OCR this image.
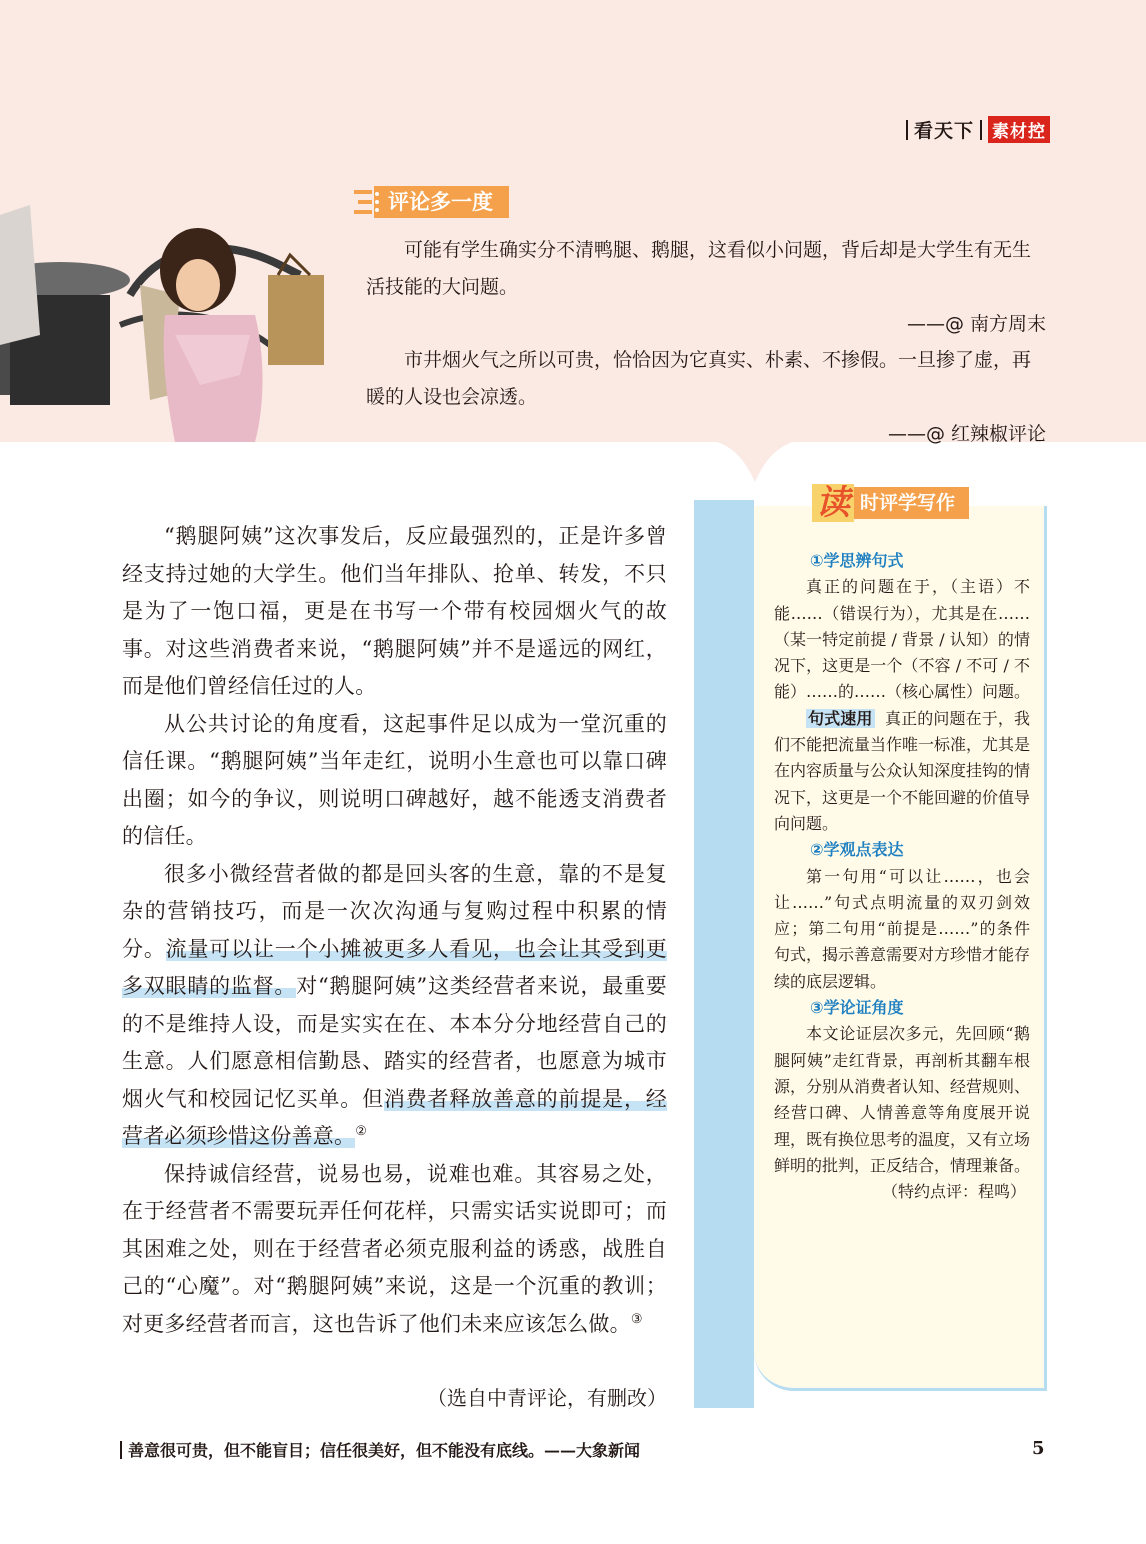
看天下 素材控
评论多一度

可能有学生确实分不清鸭腿、鹅腿，这看似小问题，背后却是大学生有无生活技能的大问题。

——@ 南方周末

市井烟火气之所以可贵，恰恰因为它真实、朴素、不掺假。一旦掺了虚，再暖的人设也会凉透。

——@ 红辣椒评论

“鹅腿阿姨”这次事发后，反应最强烈的，正是许多曾经支持过她的大学生。他们当年排队、抢单、转发，不只是为了一饱口福，更是在书写一个带有校园烟火气的故事。对这些消费者来说，“鹅腿阿姨”并不是遥远的网红，而是他们曾经信任过的人。

从公共讨论的角度看，这起事件足以成为一堂沉重的信任课。“鹅腿阿姨”当年走红，说明小生意也可以靠口碑出圈；如今的争议，则说明口碑越好，越不能透支消费者的信任。

很多小微经营者做的都是回头客的生意，靠的不是复杂的营销技巧，而是一次次沟通与复购过程中积累的情分。流量可以让一个小摊被更多人看见，也会让其受到更多双眼睛的监督。对“鹅腿阿姨”这类经营者来说，最重要的不是维持人设，而是实实在在、本本分分地经营自己的生意。人们愿意相信勤恳、踏实的经营者，也愿意为城市烟火气和校园记忆买单。但消费者释放善意的前提是，经营者必须珍惜这份善意。②

保持诚信经营，说易也易，说难也难。其容易之处，在于经营者不需要玩弄任何花样，只需实话实说即可；而其困难之处，则在于经营者必须克服利益的诱惑，战胜自己的“心魔”。对“鹅腿阿姨”来说，这是一个沉重的教训；对更多经营者而言，这也告诉了他们未来应该怎么做。③

（选自中青评论，有删改）
读 时评学写作
①学思辨句式

真正的问题在于，（主语）不能……（错误行为），尤其是在……（某一特定前提 / 背景 / 认知）的情况下，这更是一个（不容 / 不可 / 不能）……的……（核心属性）问题。

句式速用 真正的问题在于，我们不能把流量当作唯一标准，尤其是在内容质量与公众认知深度挂钩的情况下，这更是一个不能回避的价值导向问题。

②学观点表达

第一句用“可以让……，也会让……”句式点明流量的双刃剑效应；第二句用“前提是……”的条件句式，揭示善意需要对方珍惜才能存续的底层逻辑。

③学论证角度

本文论证层次多元，先回顾“鹅腿阿姨”走红背景，再剖析其翻车根源，分别从消费者认知、经营规则、经营口碑、人情善意等角度展开说理，既有换位思考的温度，又有立场鲜明的批判，正反结合，情理兼备。

（特约点评：程鸣）
善意很可贵，但不能盲目；信任很美好，但不能没有底线。——大象新闻	5
